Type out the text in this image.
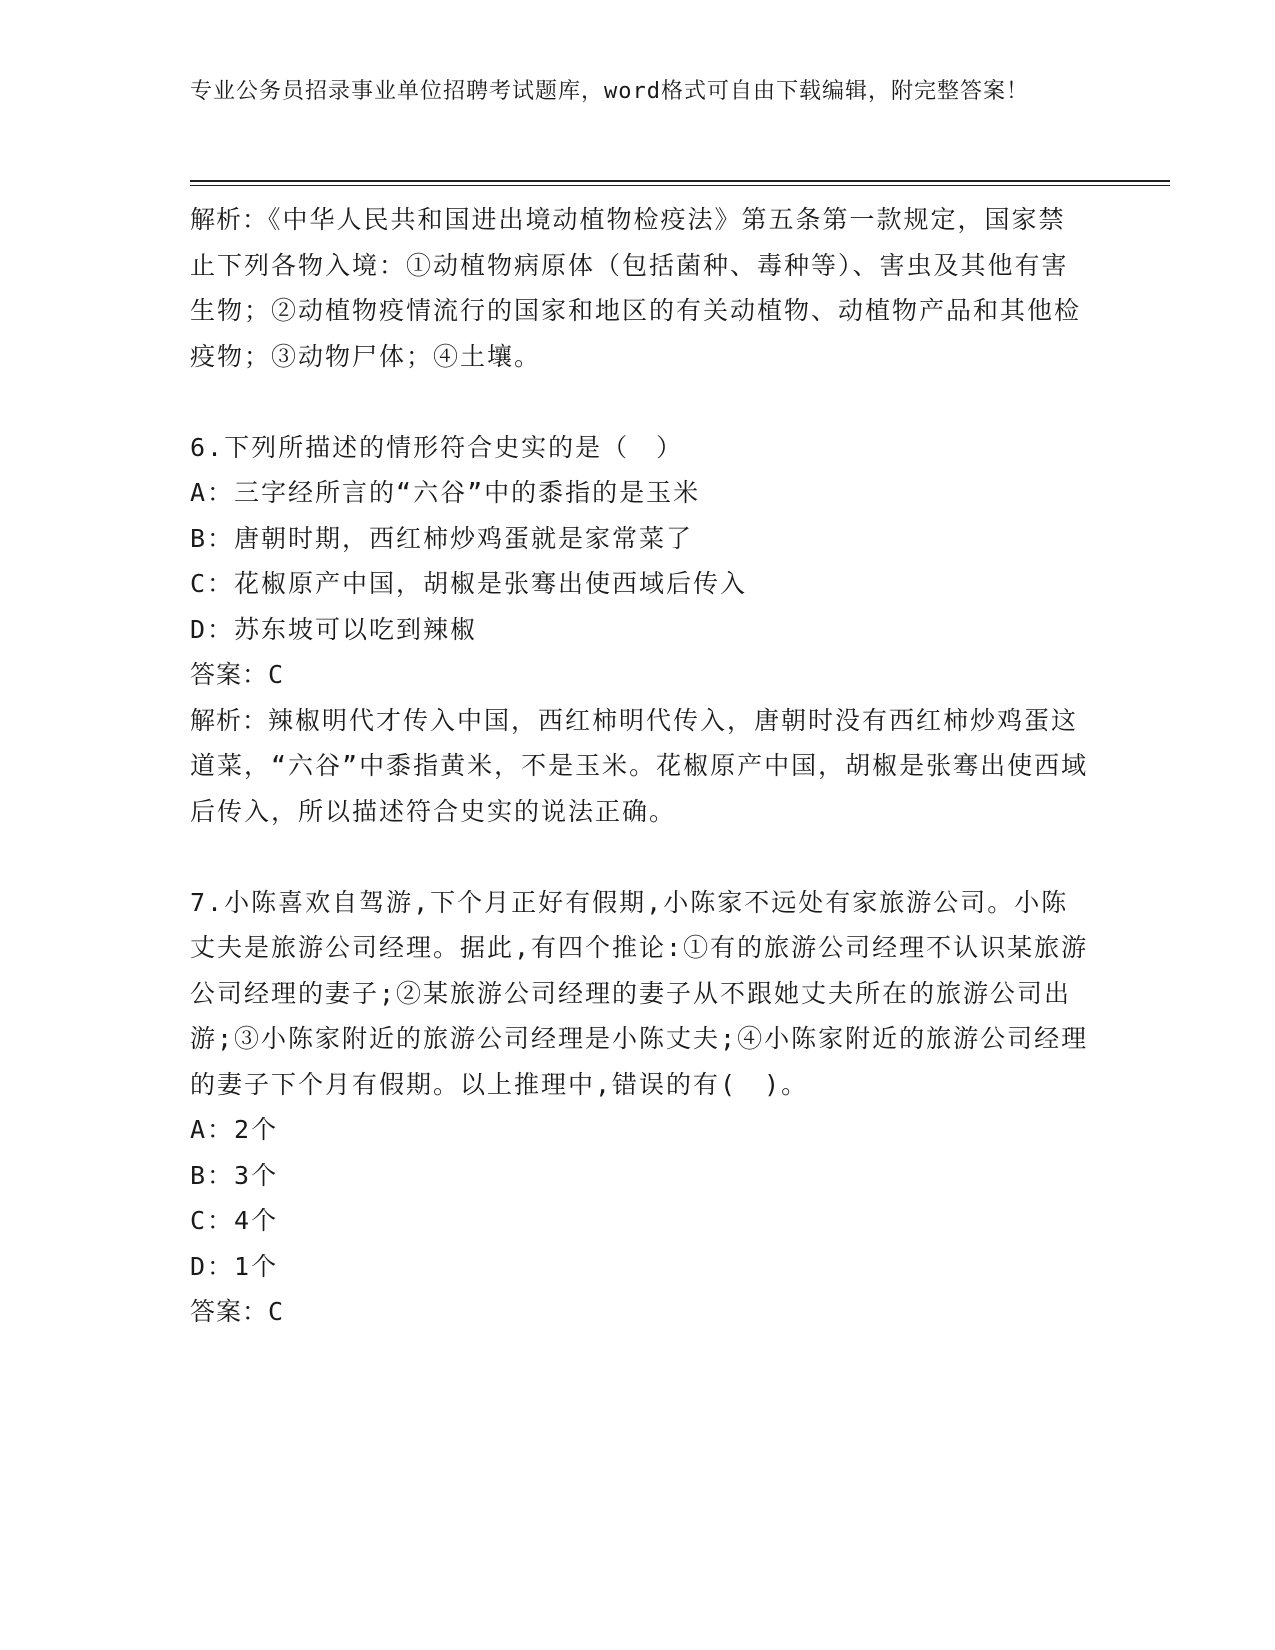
专业公务员招录事业单位招聘考试题库，word格式可自由下载编辑，附完整答案！
解析：《中华人民共和国进出境动植物检疫法》第五条第一款规定，国家禁止下列各物入境：①动植物病原体（包括菌种、毒种等）、害虫及其他有害生物；②动植物疫情流行的国家和地区的有关动植物、动植物产品和其他检疫物；③动物尸体；④土壤。
6.下列所描述的情形符合史实的是（　）
A：三字经所言的“六谷”中的黍指的是玉米
B：唐朝时期，西红柿炒鸡蛋就是家常菜了
C：花椒原产中国，胡椒是张骞出使西域后传入
D：苏东坡可以吃到辣椒
答案：C
解析：辣椒明代才传入中国，西红柿明代传入，唐朝时没有西红柿炒鸡蛋这道菜，“六谷”中黍指黄米，不是玉米。花椒原产中国，胡椒是张骞出使西域后传入，所以描述符合史实的说法正确。
7.小陈喜欢自驾游,下个月正好有假期,小陈家不远处有家旅游公司。小陈丈夫是旅游公司经理。据此,有四个推论:①有的旅游公司经理不认识某旅游公司经理的妻子;②某旅游公司经理的妻子从不跟她丈夫所在的旅游公司出游;③小陈家附近的旅游公司经理是小陈丈夫;④小陈家附近的旅游公司经理的妻子下个月有假期。以上推理中,错误的有(　)。
A：2个
B：3个
C：4个
D：1个
答案：C
